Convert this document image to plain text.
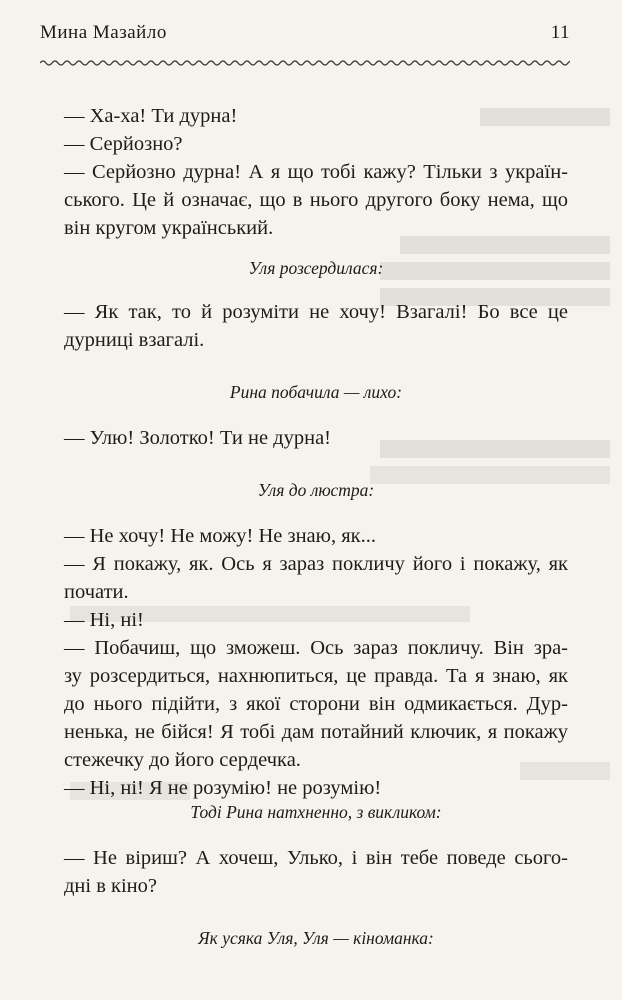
Мина Мазайло	11
— Ха-ха! Ти дурна!
— Серйозно?
— Серйозно дурна! А я що тобі кажу? Тільки з україн-
ського. Це й означає, що в нього другого боку нема, що
він кругом український.
Уля розсердилася:
— Як так, то й розуміти не хочу! Взагалі! Бо все це
дурниці взагалі.
Рина побачила — лихо:
— Улю! Золотко! Ти не дурна!
Уля до люстра:
— Не хочу! Не можу! Не знаю, як...
— Я покажу, як. Ось я зараз покличу його і покажу, як
почати.
— Ні, ні!
— Побачиш, що зможеш. Ось зараз покличу. Він зра-
зу розсердиться, нахнюпиться, це правда. Та я знаю, як
до нього підійти, з якої сторони він одмикається. Дур-
ненька, не бійся! Я тобі дам потайний ключик, я покажу
стежечку до його сердечка.
— Ні, ні! Я не розумію! не розумію!
Тоді Рина натхненно, з викликом:
— Не віриш? А хочеш, Улько, і він тебе поведе сього-
дні в кіно?
Як усяка Уля, Уля — кіноманка:
